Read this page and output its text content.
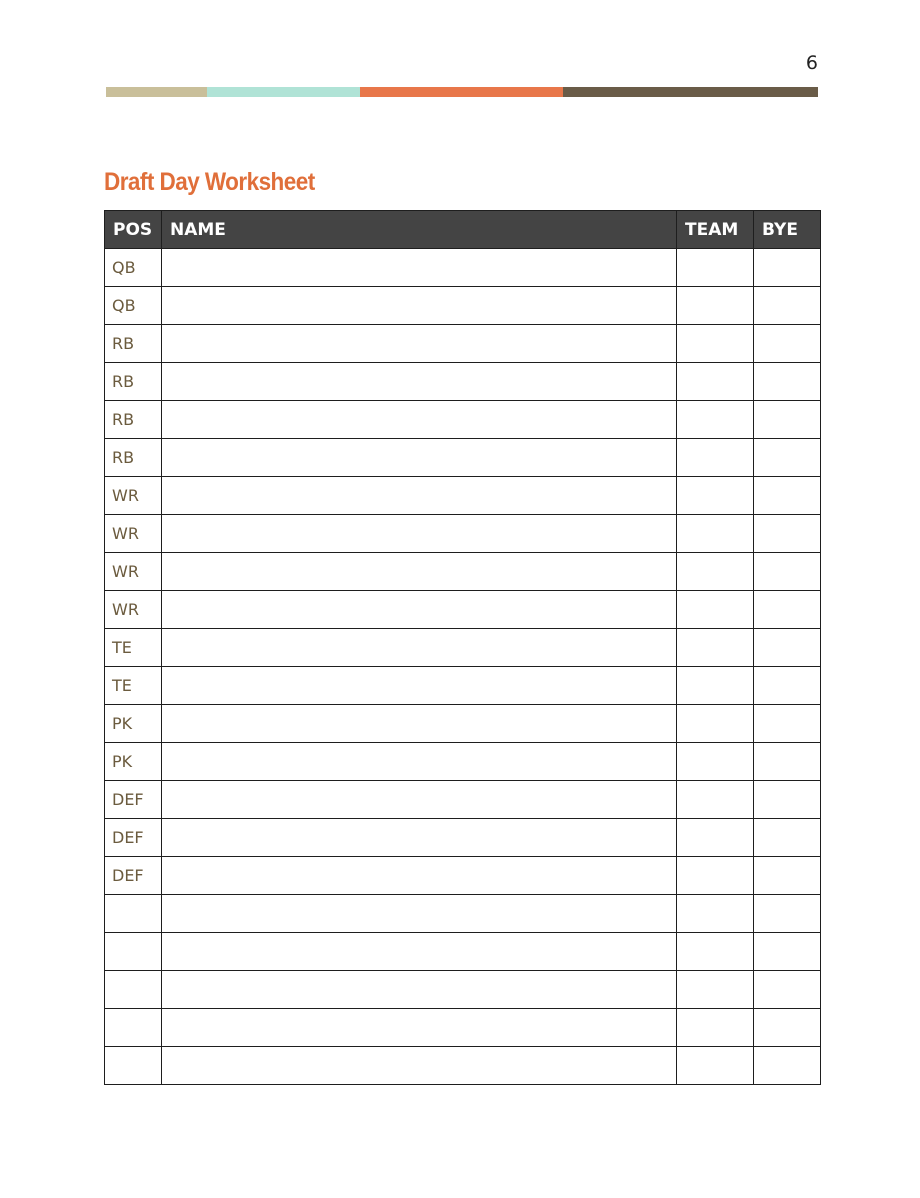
6
Draft Day Worksheet
POS	NAME	TEAM	BYE
QB			
QB			
RB			
RB			
RB			
RB			
WR			
WR			
WR			
WR			
TE			
TE			
PK			
PK			
DEF			
DEF			
DEF			
